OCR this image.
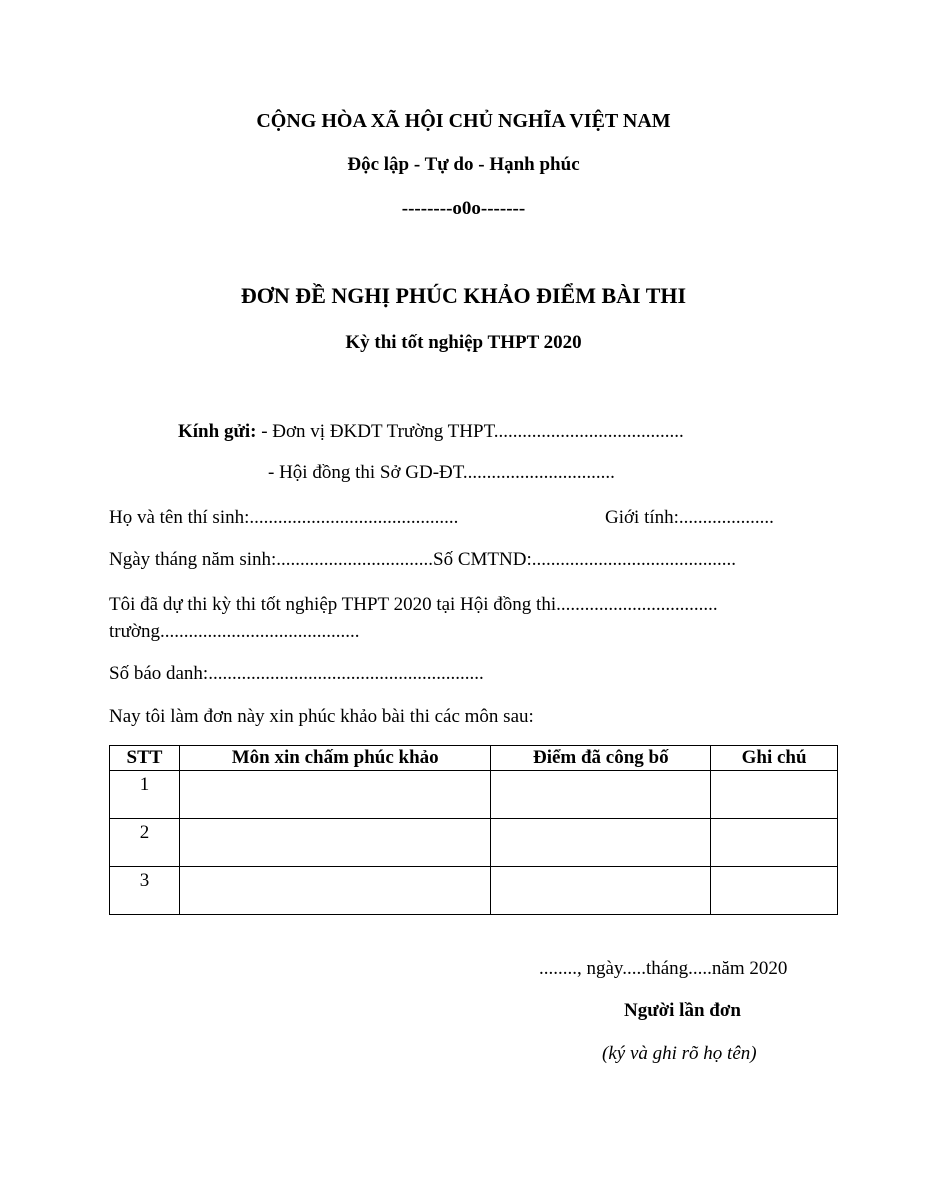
CỘNG HÒA XÃ HỘI CHỦ NGHĨA VIỆT NAM
Độc lập - Tự do - Hạnh phúc
--------o0o-------
ĐƠN ĐỀ NGHỊ PHÚC KHẢO ĐIỂM BÀI THI
Kỳ thi tốt nghiệp THPT 2020
Kính gửi: - Đơn vị ĐKDT Trường THPT........................................
- Hội đồng thi Sở GD-ĐT................................
Họ và tên thí sinh:............................................	Giới tính:....................
Ngày tháng năm sinh:.................................Số CMTND:...........................................
Tôi đã dự thi kỳ thi tốt nghiệp THPT 2020 tại Hội đồng thi..................................
trường..........................................
Số báo danh:..........................................................
Nay tôi làm đơn này xin phúc khảo bài thi các môn sau:
STT	Môn xin chấm phúc khảo	Điểm đã công bố	Ghi chú
1			
2			
3			
........, ngày.....tháng.....năm 2020
Người lần đơn
(ký và ghi rõ họ tên)
